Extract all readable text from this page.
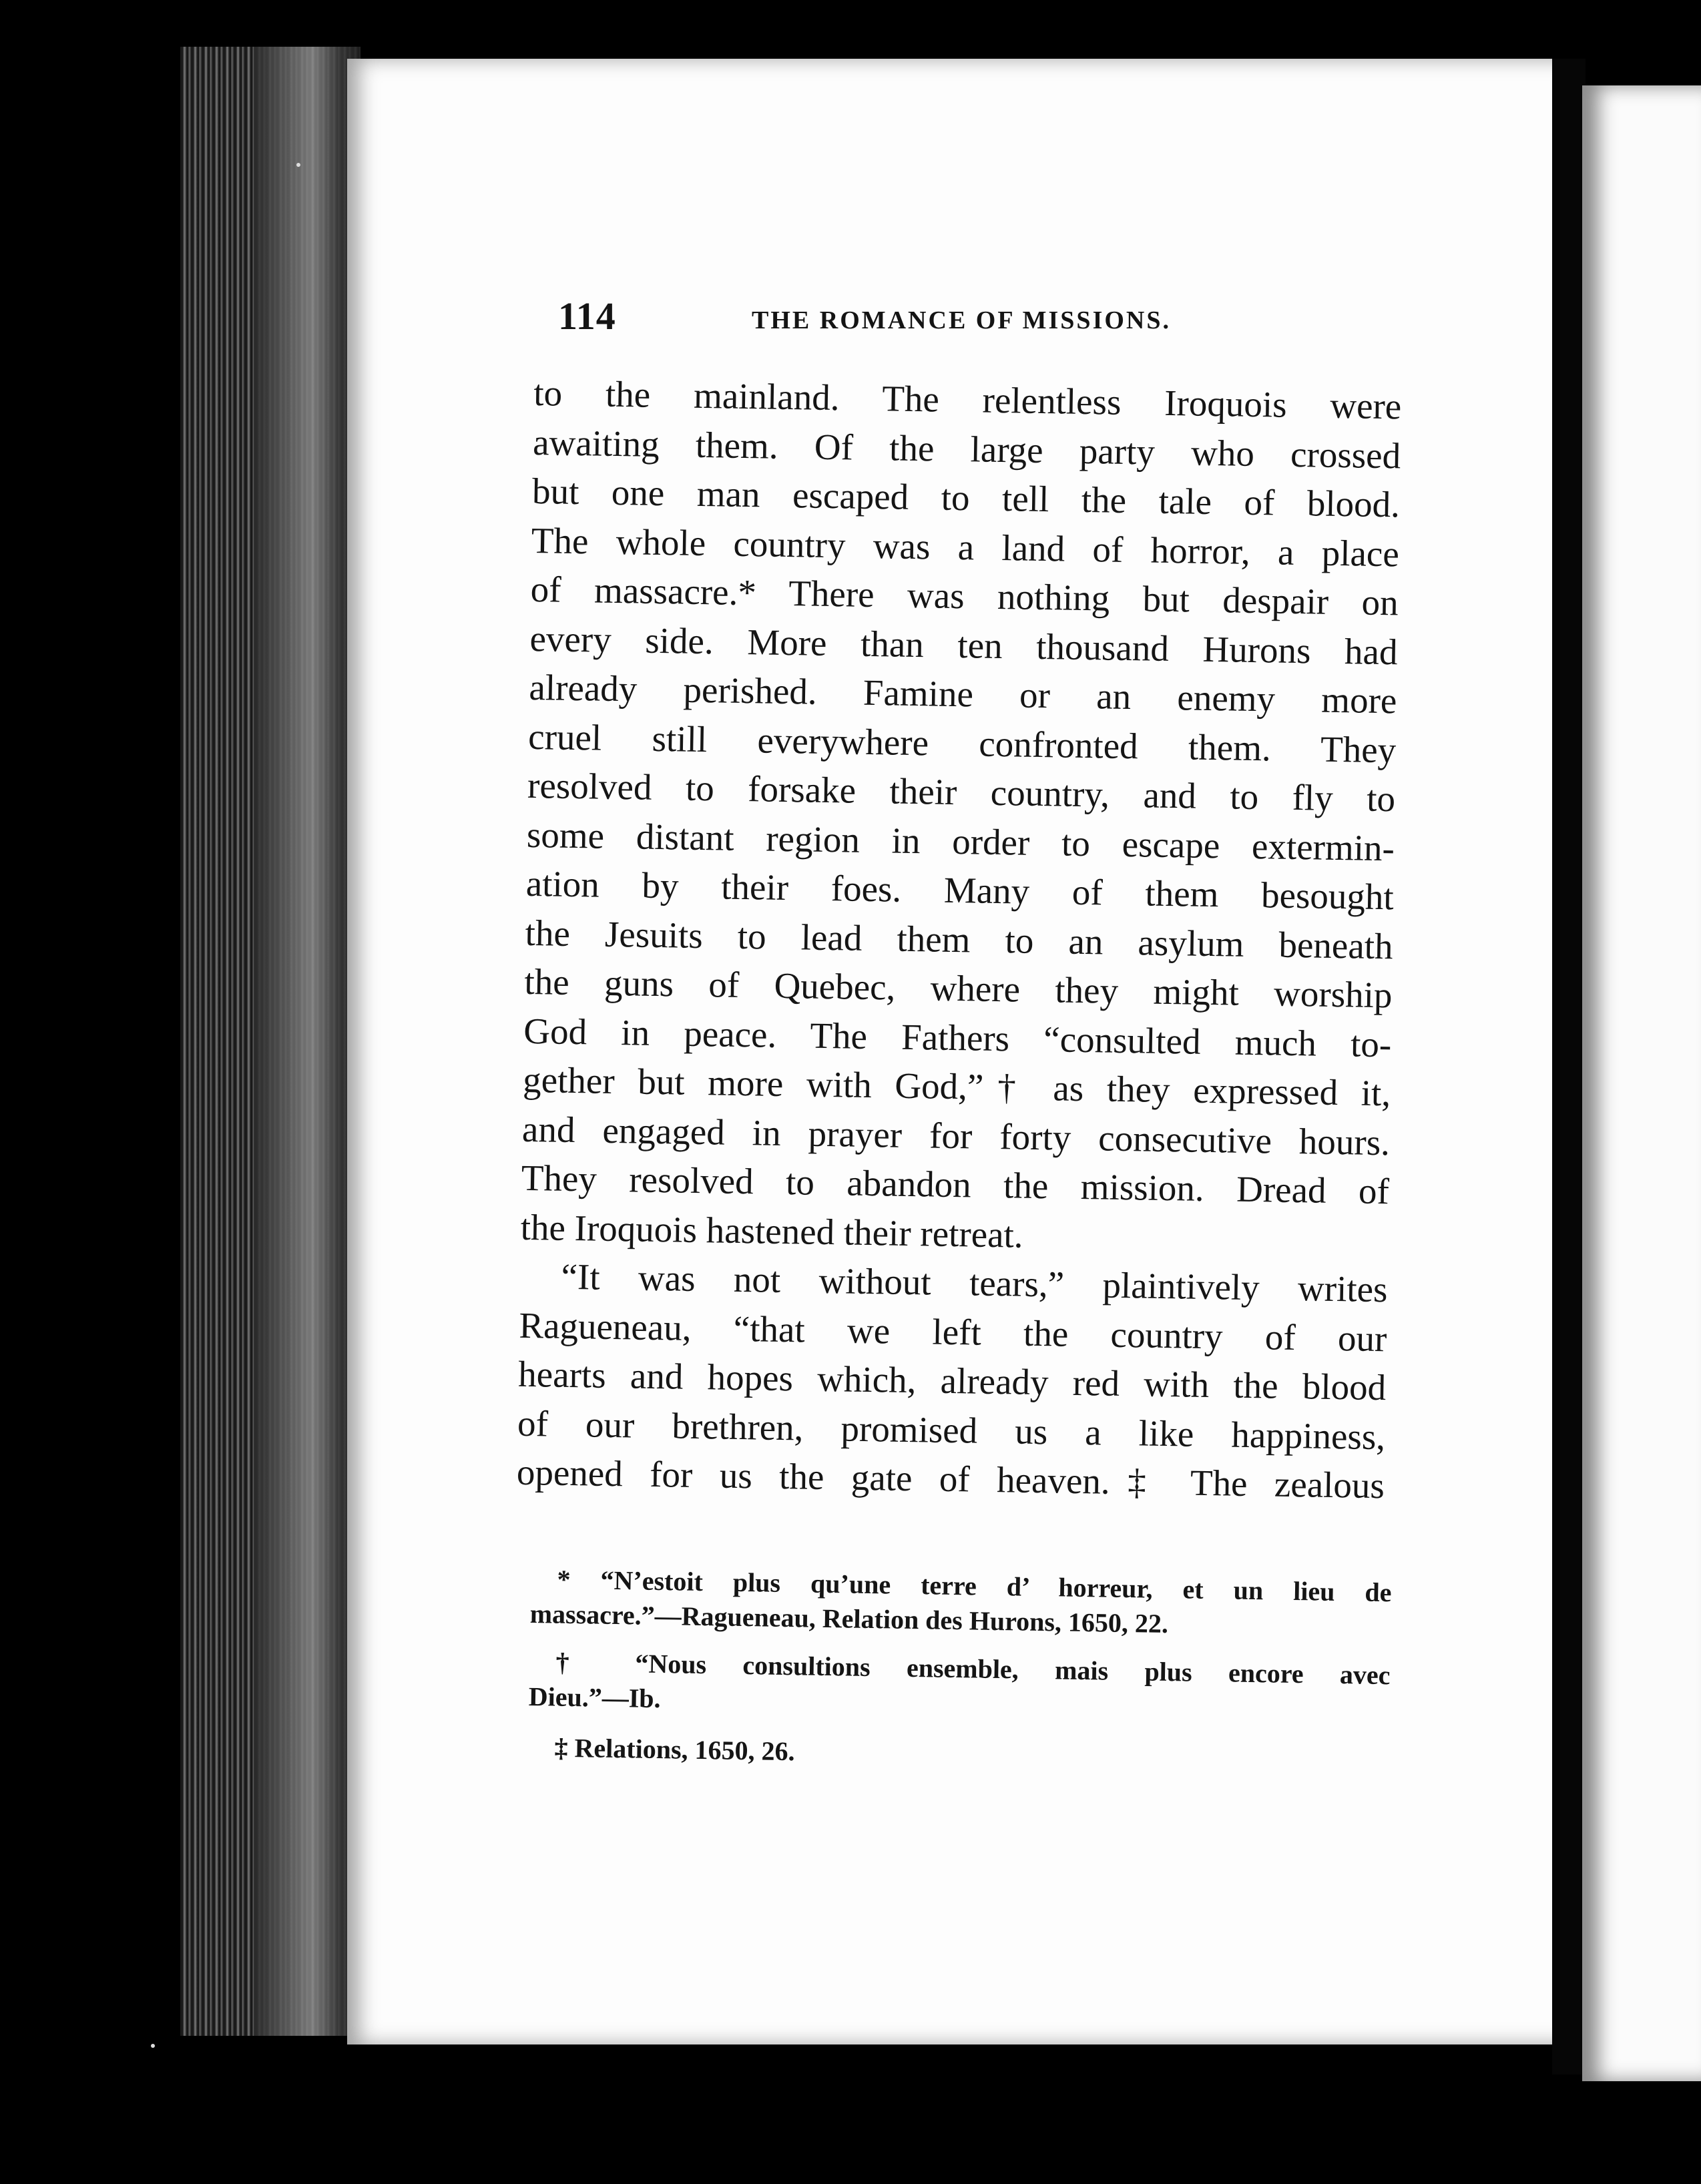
114	THE ROMANCE OF MISSIONS.
to the mainland. The relentless Iroquois were
awaiting them. Of the large party who crossed
but one man escaped to tell the tale of blood.
The whole country was a land of horror, a place
of massacre.* There was nothing but despair on
every side. More than ten thousand Hurons had
already perished. Famine or an enemy more
cruel still everywhere confronted them. They
resolved to forsake their country, and to fly to
some distant region in order to escape extermin-
ation by their foes. Many of them besought
the Jesuits to lead them to an asylum beneath
the guns of Quebec, where they might worship
God in peace. The Fathers “consulted much to-
gether but more with God,”† as they expressed it,
and engaged in prayer for forty consecutive hours.
They resolved to abandon the mission. Dread of
the Iroquois hastened their retreat.
“It was not without tears,” plaintively writes
Ragueneau, “that we left the country of our
hearts and hopes which, already red with the blood
of our brethren, promised us a like happiness,
opened for us the gate of heaven.‡ The zealous
* “N’estoit plus qu’une terre d’ horreur, et un lieu de
massacre.”—Ragueneau, Relation des Hurons, 1650, 22.
† “Nous consultions ensemble, mais plus encore avec
Dieu.”—Ib.
‡ Relations, 1650, 26.
